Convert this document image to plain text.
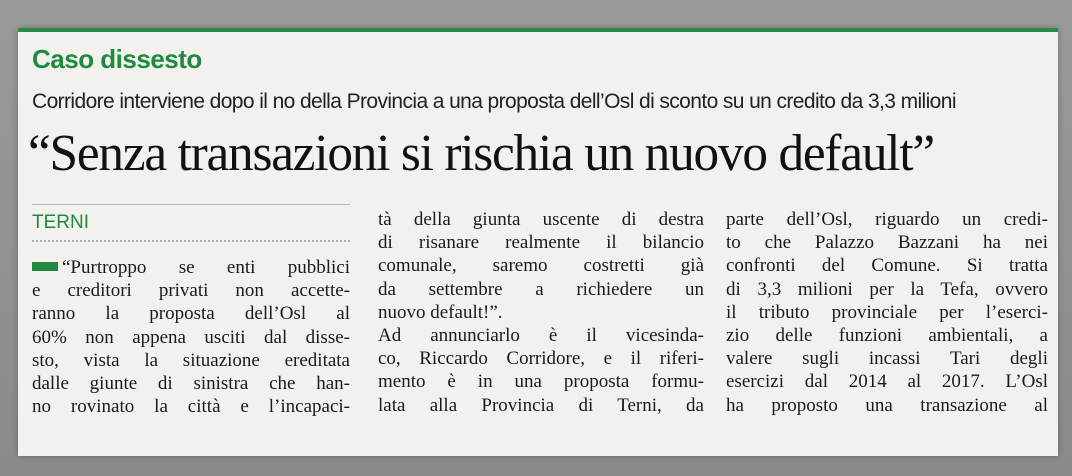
Caso dissesto
Corridore interviene dopo il no della Provincia a una proposta dell’Osl di sconto su un credito da 3,3 milioni
“Senza transazioni si rischia un nuovo default”
TERNI
“Purtroppo se enti pubblici
e creditori privati non accette-
ranno la proposta dell’Osl al
60% non appena usciti dal disse-
sto, vista la situazione ereditata
dalle giunte di sinistra che han-
no rovinato la città e l’incapaci-
tà della giunta uscente di destra
di risanare realmente il bilancio
comunale, saremo costretti già
da settembre a richiedere un
nuovo default!”.
Ad annunciarlo è il vicesinda-
co, Riccardo Corridore, e il riferi-
mento è in una proposta formu-
lata alla Provincia di Terni, da
parte dell’Osl, riguardo un credi-
to che Palazzo Bazzani ha nei
confronti del Comune. Si tratta
di 3,3 milioni per la Tefa, ovvero
il tributo provinciale per l’eserci-
zio delle funzioni ambientali, a
valere sugli incassi Tari degli
esercizi dal 2014 al 2017. L’Osl
ha proposto una transazione al
